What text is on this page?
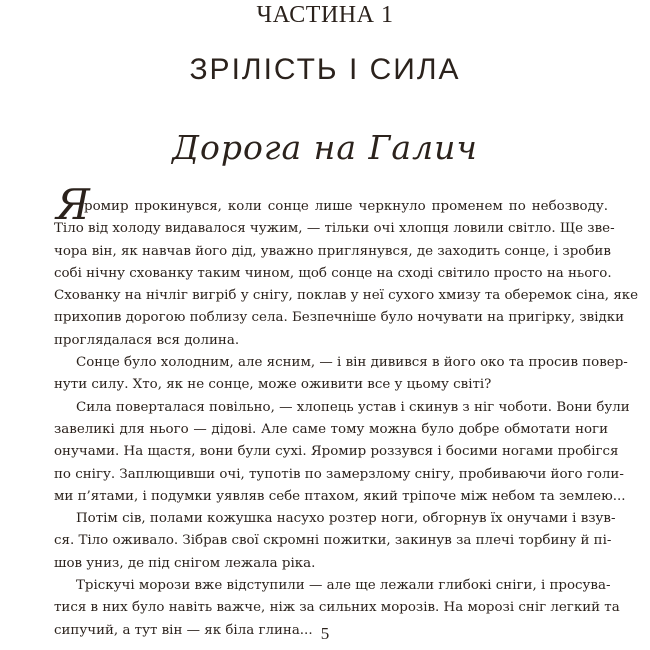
ЧАСТИНА 1
ЗРІЛІСТЬ І СИЛА
Дорога на Галич
Я
ромир прокинувся, коли сонце лише черкнуло променем по небозводу.
Тіло від холоду видавалося чужим, — тільки очі хлопця ловили світло. Ще зве-
чора він, як навчав його дід, уважно приглянувся, де заходить сонце, і зробив
собі нічну схованку таким чином, щоб сонце на сході світило просто на нього.
Схованку на нічліг вигріб у снігу, поклав у неї сухого хмизу та оберемок сіна, яке
прихопив дорогою поблизу села. Безпечніше було ночувати на пригірку, звідки
проглядалася вся долина.
Сонце було холодним, але ясним, — і він дивився в його око та просив повер-
нути силу. Хто, як не сонце, може оживити все у цьому світі?
Сила поверталася повільно, — хлопець устав і скинув з ніг чоботи. Вони були
завеликі для нього — дідові. Але саме тому можна було добре обмотати ноги
онучами. На щастя, вони були сухі. Яромир роззувся і босими ногами пробігся
по снігу. Заплющивши очі, тупотів по замерзлому снігу, пробиваючи його голи-
ми п’ятами, і подумки уявляв себе птахом, який тріпоче між небом та землею...
Потім сів, полами кожушка насухо розтер ноги, обгорнув їх онучами і взув-
ся. Тіло оживало. Зібрав свої скромні пожитки, закинув за плечі торбину й пі-
шов униз, де під снігом лежала ріка.
Тріскучі морози вже відступили — але ще лежали глибокі сніги, і просува-
тися в них було навіть важче, ніж за сильних морозів. На морозі сніг легкий та
сипучий, а тут він — як біла глина... 5
